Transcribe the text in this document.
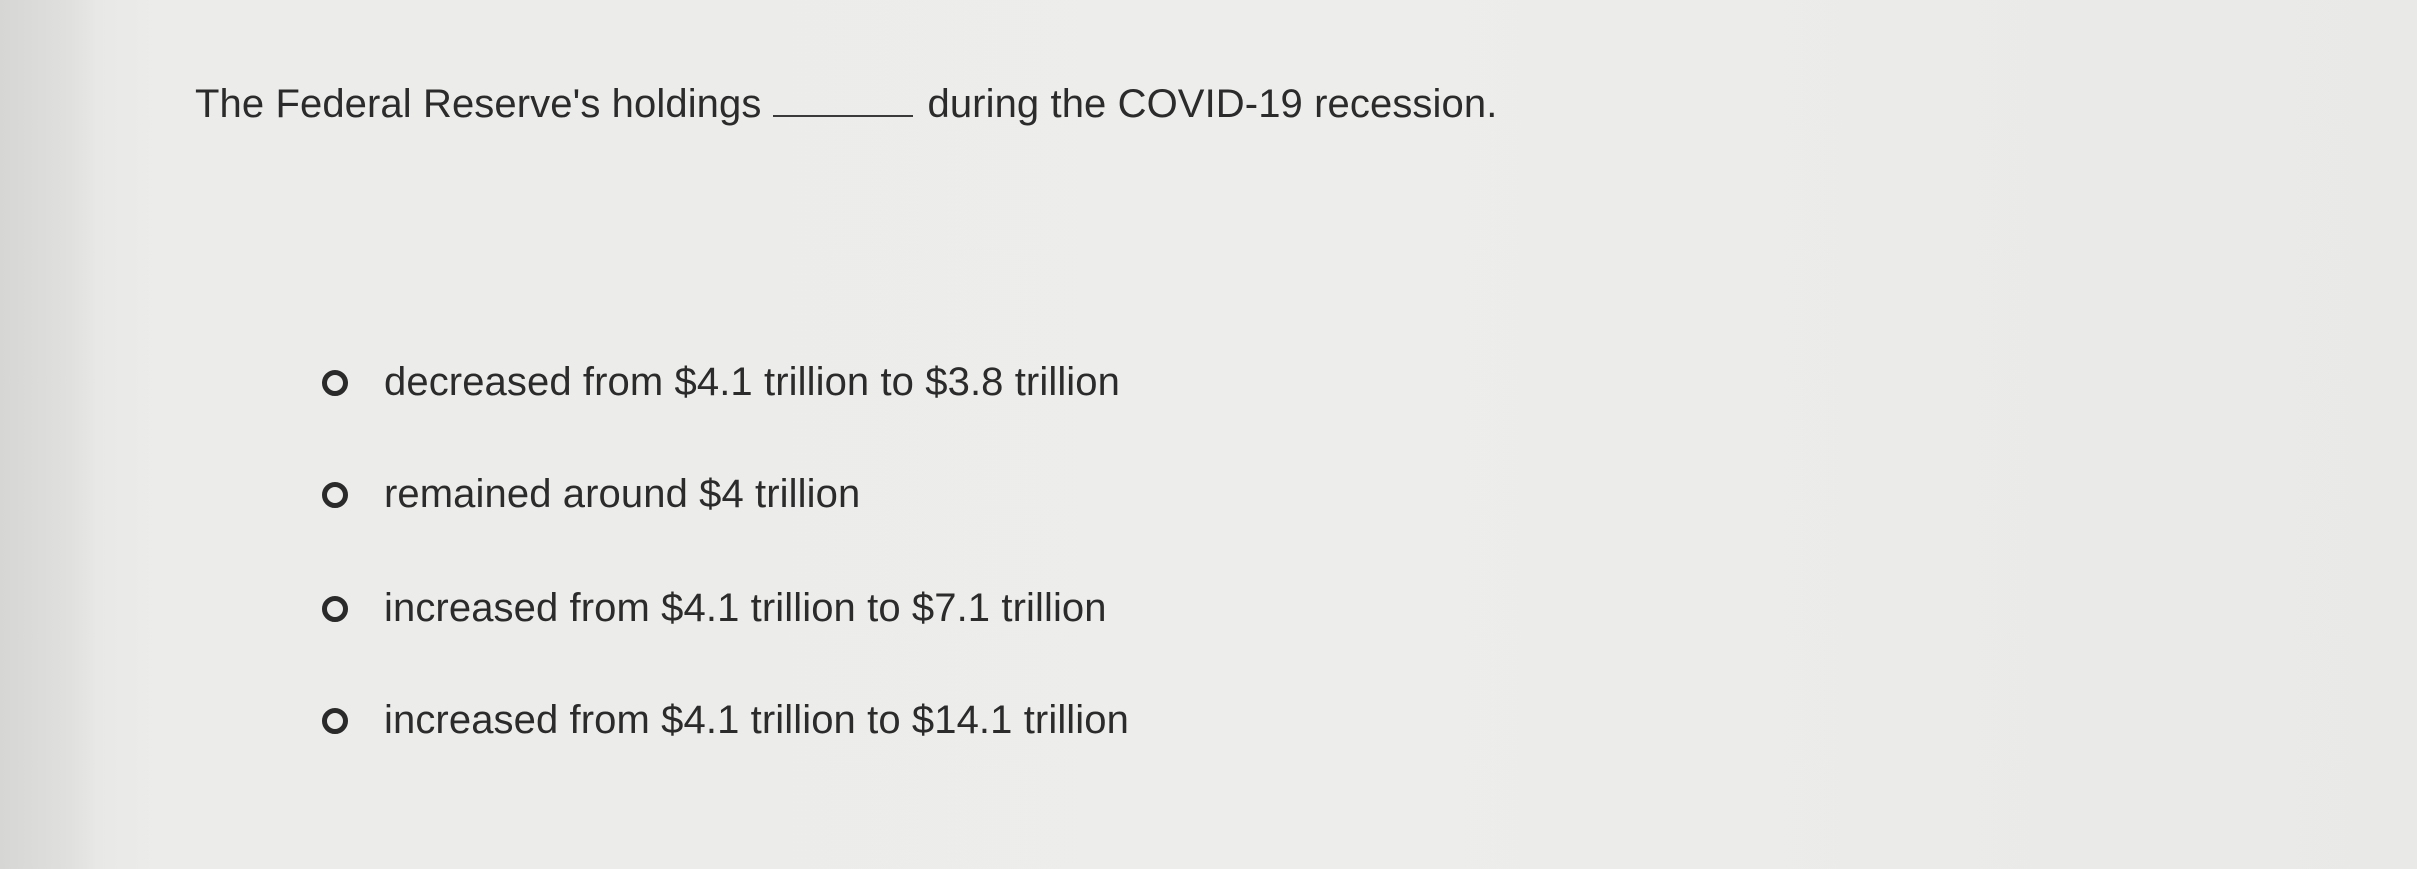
The Federal Reserve's holdings	during the COVID-19 recession.
decreased from $4.1 trillion to $3.8 trillion
remained around $4 trillion
increased from $4.1 trillion to $7.1 trillion
increased from $4.1 trillion to $14.1 trillion
